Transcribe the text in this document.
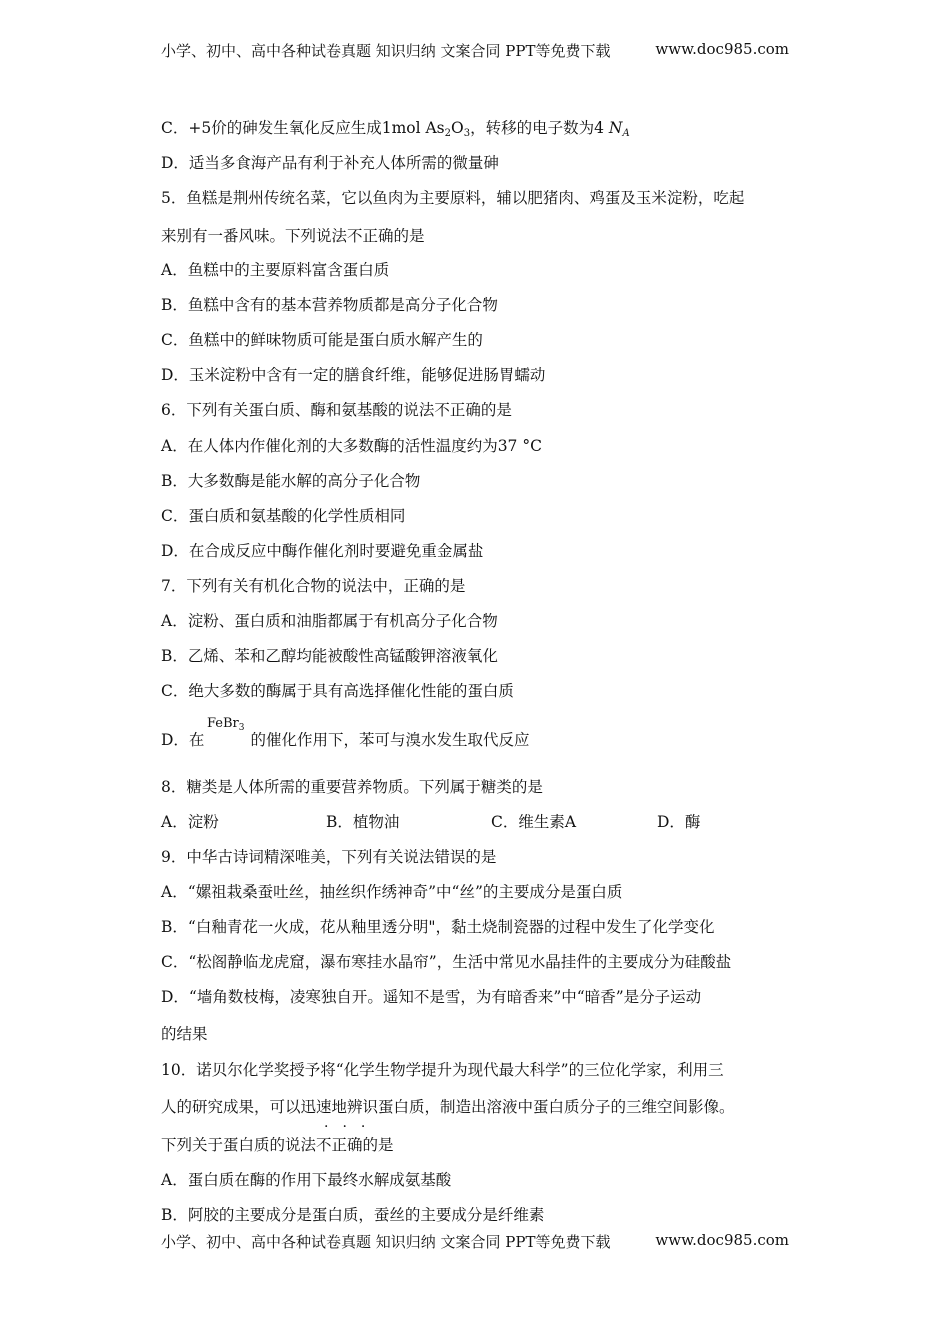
小学、初中、高中各种试卷真题 知识归纳 文案合同 PPT等免费下载	www.doc985.com
C．+5价的砷发生氧化反应生成1mol $As_2O_3$，转移的电子数为4 $N_A$
D．适当多食海产品有利于补充人体所需的微量砷
5．鱼糕是荆州传统名菜，它以鱼肉为主要原料，辅以肥猪肉、鸡蛋及玉米淀粉，吃起
来别有一番风味。下列说法不正确的是
A．鱼糕中的主要原料富含蛋白质
B．鱼糕中含有的基本营养物质都是高分子化合物
C．鱼糕中的鲜味物质可能是蛋白质水解产生的
D．玉米淀粉中含有一定的膳食纤维，能够促进肠胃蠕动
6．下列有关蛋白质、酶和氨基酸的说法不正确的是
A．在人体内作催化剂的大多数酶的活性温度约为37 °C
B．大多数酶是能水解的高分子化合物
C．蛋白质和氨基酸的化学性质相同
D．在合成反应中酶作催化剂时要避免重金属盐
7．下列有关有机化合物的说法中，正确的是
A．淀粉、蛋白质和油脂都属于有机高分子化合物
B．乙烯、苯和乙醇均能被酸性高锰酸钾溶液氧化
C．绝大多数的酶属于具有高选择催化性能的蛋白质
D．在	的催化作用下，苯可与溴水发生取代反应
FeBr$_3$
8．糖类是人体所需的重要营养物质。下列属于糖类的是
A．淀粉	B．植物油	C．维生素A	D．酶
9．中华古诗词精深唯美，下列有关说法错误的是
A．“嫘祖栽桑蚕吐丝，抽丝织作绣神奇”中“丝”的主要成分是蛋白质
B．“白釉青花一火成，花从釉里透分明"，黏土烧制瓷器的过程中发生了化学变化
C．“松阁静临龙虎窟，瀑布寒挂水晶帘”，生活中常见水晶挂件的主要成分为硅酸盐
D．“墙角数枝梅，凌寒独自开。遥知不是雪，为有暗香来”中“暗香”是分子运动
的结果
10．诺贝尔化学奖授予将“化学生物学提升为现代最大科学”的三位化学家，利用三
人的研究成果，可以迅速地辨识蛋白质，制造出溶液中蛋白质分子的三维空间影像。
···
下列关于蛋白质的说法不正确的是
A．蛋白质在酶的作用下最终水解成氨基酸
B．阿胶的主要成分是蛋白质，蚕丝的主要成分是纤维素
小学、初中、高中各种试卷真题 知识归纳 文案合同 PPT等免费下载	www.doc985.com
